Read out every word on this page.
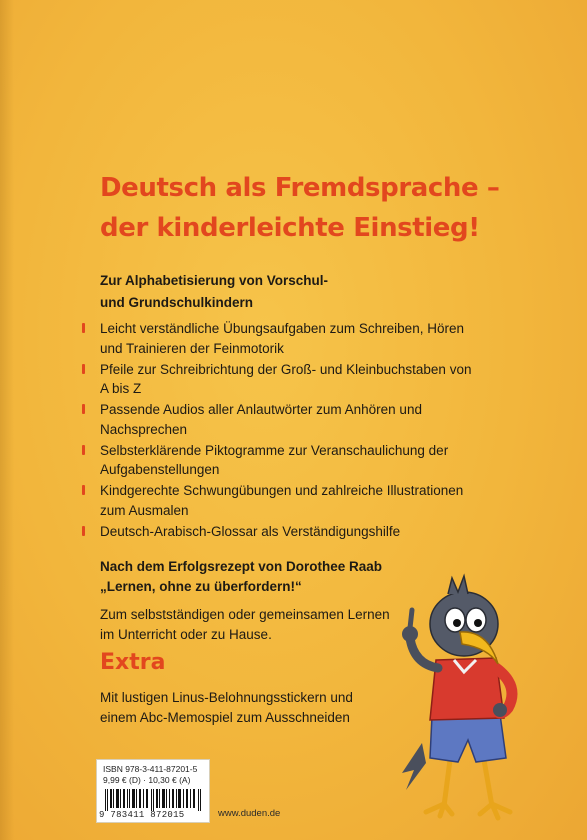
Deutsch als Fremdsprache –
der kinderleichte Einstieg!
Zur Alphabetisierung von Vorschul-
und Grundschulkindern
Leicht verständliche Übungsaufgaben zum Schreiben, Hören und Trainieren der Feinmotorik
Pfeile zur Schreibrichtung der Groß- und Kleinbuchstaben von A bis Z
Passende Audios aller Anlautwörter zum Anhören und Nachsprechen
Selbsterklärende Piktogramme zur Veranschaulichung der Aufgabenstellungen
Kindgerechte Schwungübungen und zahlreiche Illustrationen zum Ausmalen
Deutsch-Arabisch-Glossar als Verständigungshilfe
Nach dem Erfolgsrezept von Dorothee Raab
„Lernen, ohne zu überfordern!“
Zum selbstständigen oder gemeinsamen Lernen
im Unterricht oder zu Hause.
Extra
Mit lustigen Linus-Belohnungsstickern und
einem Abc-Memospiel zum Ausschneiden
ISBN 978-3-411-87201-5
9,99 € (D) · 10,30 € (A)
9 783411 872015	www.duden.de
